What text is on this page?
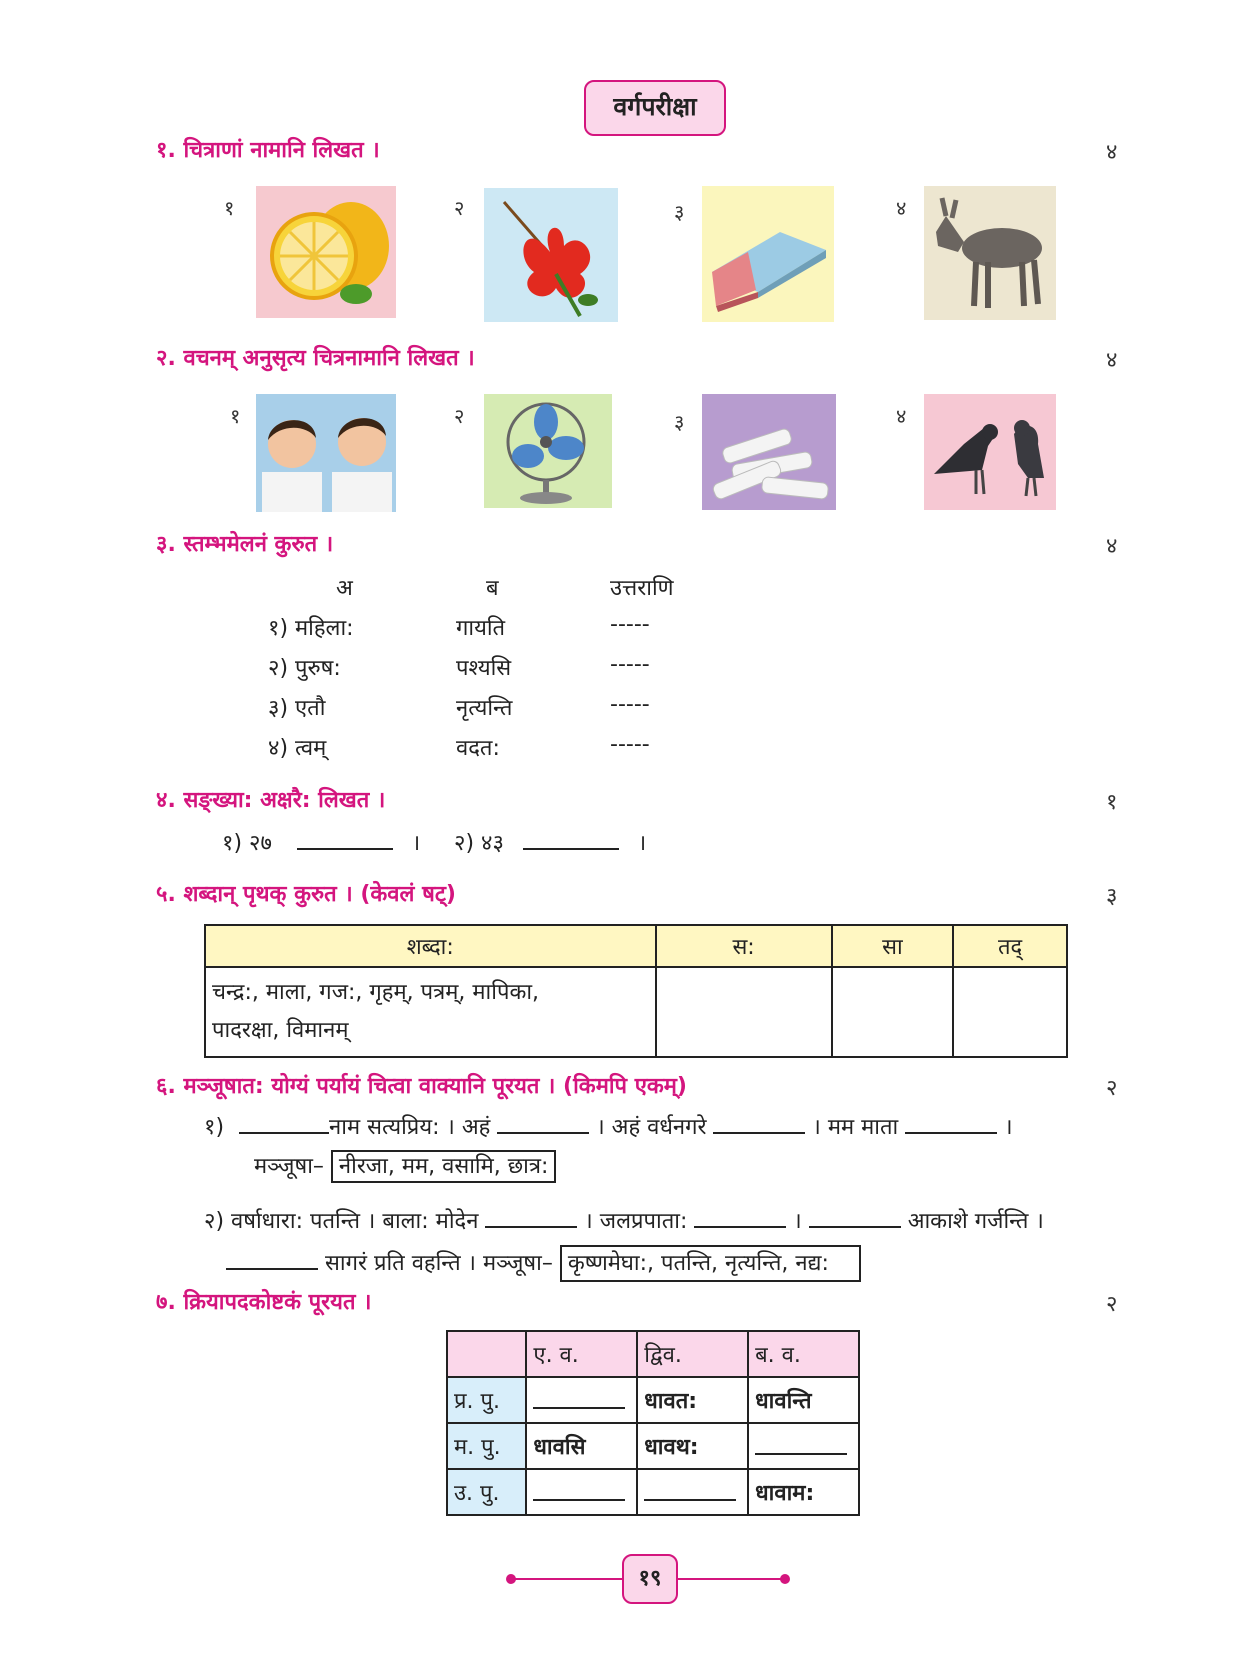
वर्गपरीक्षा
१. चित्राणां नामानि लिखत ।	४
१	२	३	४
२. वचनम् अनुसृत्य चित्रनामानि लिखत ।	४
१	२	३	४
३. स्तम्भमेलनं कुरुत ।	४
अ	ब	उत्तराणि
१) महिला:	गायति	-----
२) पुरुष:	पश्यसि	-----
३) एतौ	नृत्यन्ति	-----
४) त्वम्	वदत:	-----
४. सङ्ख्या: अक्षरै: लिखत ।	१
१) २७	। २) ४३	।
५. शब्दान् पृथक् कुरुत । (केवलं षट्)	३
शब्दा:	स:	सा	तद्

चन्द्र:, माला, गज:, गृहम्, पत्रम्, मापिका,
पादरक्षा, विमानम्			

६. मञ्जूषात: योग्यं पर्यायं चित्वा वाक्यानि पूरयत । (किमपि एकम्)	२
१)	नाम सत्यप्रिय: । अहं	। अहं वर्धनगरे	। मम माता	।
मञ्जूषा– नीरजा, मम, वसामि, छात्र:
२) वर्षाधारा: पतन्ति । बाला: मोदेन	। जलप्रपाता:	।	आकाशे गर्जन्ति ।
सागरं प्रति वहन्ति । मञ्जूषा– कृष्णमेघा:, पतन्ति, नृत्यन्ति, नद्य:
७. क्रियापदकोष्टकं पूरयत ।	२
	ए. व.	द्विव.	ब. व.
प्र. पु.		धावत:	धावन्ति
म. पु.	धावसि	धावथ:	
उ. पु.			धावाम:
१९
